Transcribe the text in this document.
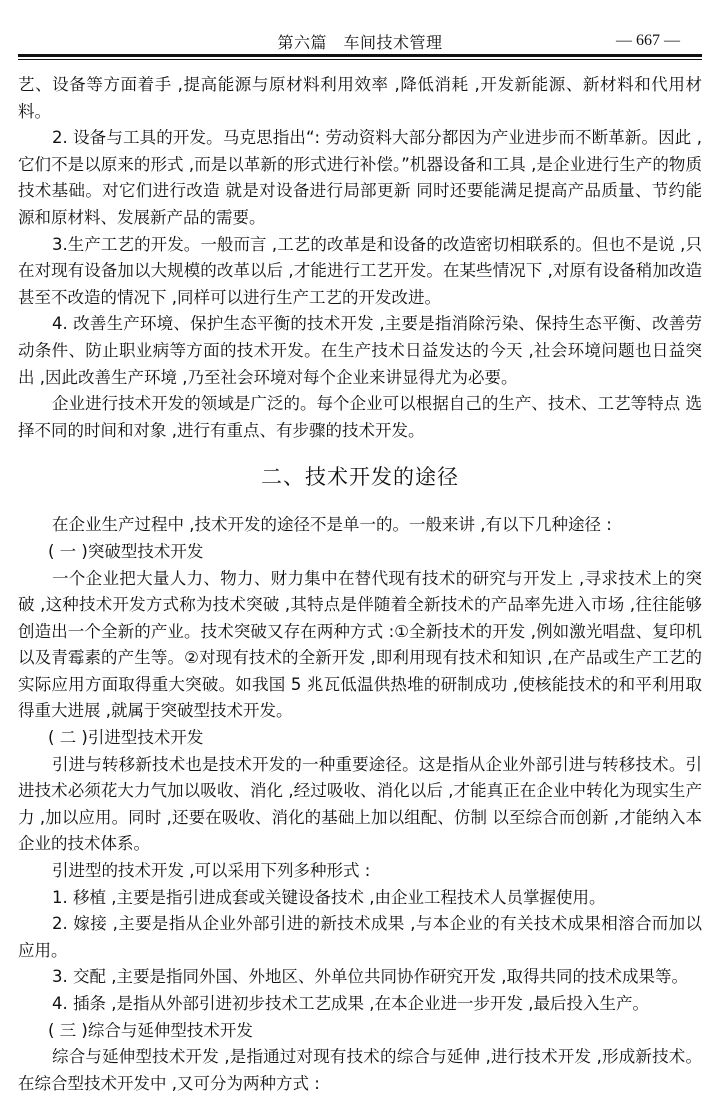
第六篇　车间技术管理	— 667 —

艺、设备等方面着手 ,提高能源与原材料利用效率 ,降低消耗 ,开发新能源、新材料和代用材料。

2. 设备与工具的开发。马克思指出“: 劳动资料大部分都因为产业进步而不断革新。因此 ,它们不是以原来的形式 ,而是以革新的形式进行补偿。”机器设备和工具 ,是企业进行生产的物质技术基础。对它们进行改造 就是对设备进行局部更新 同时还要能满足提高产品质量、节约能源和原材料、发展新产品的需要。

3.生产工艺的开发。一般而言 ,工艺的改革是和设备的改造密切相联系的。但也不是说 ,只在对现有设备加以大规模的改革以后 ,才能进行工艺开发。在某些情况下 ,对原有设备稍加改造甚至不改造的情况下 ,同样可以进行生产工艺的开发改进。

4. 改善生产环境、保护生态平衡的技术开发 ,主要是指消除污染、保持生态平衡、改善劳动条件、防止职业病等方面的技术开发。在生产技术日益发达的今天 ,社会环境问题也日益突出 ,因此改善生产环境 ,乃至社会环境对每个企业来讲显得尤为必要。

企业进行技术开发的领域是广泛的。每个企业可以根据自己的生产、技术、工艺等特点 选择不同的时间和对象 ,进行有重点、有步骤的技术开发。

二、技术开发的途径

在企业生产过程中 ,技术开发的途径不是单一的。一般来讲 ,有以下几种途径 :

( 一 )突破型技术开发

一个企业把大量人力、物力、财力集中在替代现有技术的研究与开发上 ,寻求技术上的突破 ,这种技术开发方式称为技术突破 ,其特点是伴随着全新技术的产品率先进入市场 ,往往能够创造出一个全新的产业。技术突破又存在两种方式 :①全新技术的开发 ,例如激光唱盘、复印机以及青霉素的产生等。②对现有技术的全新开发 ,即利用现有技术和知识 ,在产品或生产工艺的实际应用方面取得重大突破。如我国 5 兆瓦低温供热堆的研制成功 ,使核能技术的和平利用取得重大进展 ,就属于突破型技术开发。

( 二 )引进型技术开发

引进与转移新技术也是技术开发的一种重要途径。这是指从企业外部引进与转移技术。引进技术必须花大力气加以吸收、消化 ,经过吸收、消化以后 ,才能真正在企业中转化为现实生产力 ,加以应用。同时 ,还要在吸收、消化的基础上加以组配、仿制 以至综合而创新 ,才能纳入本企业的技术体系。

引进型的技术开发 ,可以采用下列多种形式 :

1. 移植 ,主要是指引进成套或关键设备技术 ,由企业工程技术人员掌握使用。

2. 嫁接 ,主要是指从企业外部引进的新技术成果 ,与本企业的有关技术成果相溶合而加以应用。

3. 交配 ,主要是指同外国、外地区、外单位共同协作研究开发 ,取得共同的技术成果等。

4. 插条 ,是指从外部引进初步技术工艺成果 ,在本企业进一步开发 ,最后投入生产。

( 三 )综合与延伸型技术开发

综合与延伸型技术开发 ,是指通过对现有技术的综合与延伸 ,进行技术开发 ,形成新技术。在综合型技术开发中 ,又可分为两种方式 :
